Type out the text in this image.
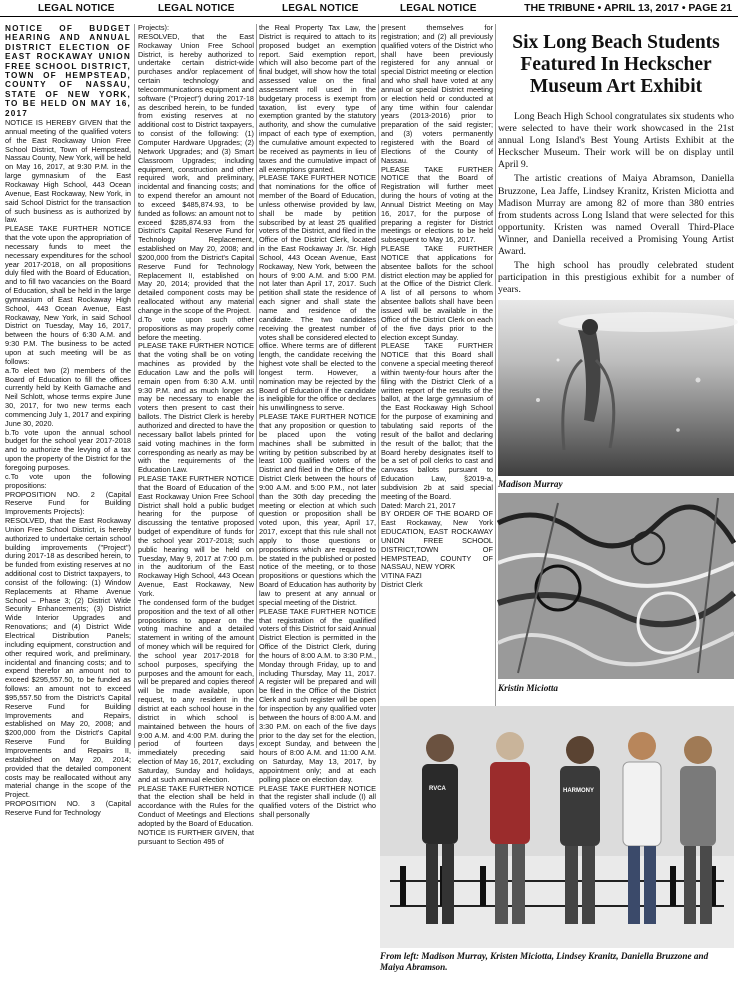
LEGAL NOTICE	LEGAL NOTICE	LEGAL NOTICE	LEGAL NOTICE	THE TRIBUNE • APRIL 13, 2017 • PAGE 21

NOTICE OF BUDGET HEARING AND ANNUAL DISTRICT ELECTION OF EAST ROCKAWAY UNION FREE SCHOOL DISTRICT, TOWN OF HEMPSTEAD, COUNTY OF NASSAU, STATE OF NEW YORK, TO BE HELD ON MAY 16, 2017

NOTICE IS HEREBY GIVEN that the annual meeting of the qualified voters of the East Rockaway Union Free School District, Town of Hempstead, Nassau County, New York, will be held on May 16, 2017, at 9:30 P.M. in the large gymnasium of the East Rockaway High School, 443 Ocean Avenue, East Rockaway, New York, in said School District for the transaction of such business as is authorized by law.

PLEASE TAKE FURTHER NOTICE that the vote upon the appropriation of necessary funds to meet the necessary expenditures for the school year 2017-2018, on all propositions duly filed with the Board of Education, and to fill two vacancies on the Board of Education, shall be held in the large gymnasium of East Rockaway High School, 443 Ocean Avenue, East Rockaway, New York, in said School District on Tuesday, May 16, 2017, between the hours of 6:30 A.M. and 9:30 P.M. The business to be acted upon at such meeting will be as follows:

a.To elect two (2) members of the Board of Education to fill the offices currently held by Keith Gamache and Neil Schlott, whose terms expire June 30, 2017, for two new terms each commencing July 1, 2017 and expiring June 30, 2020.

b.To vote upon the annual school budget for the school year 2017-2018 and to authorize the levying of a tax upon the property of the District for the foregoing purposes.

c.To vote upon the following propositions:

PROPOSITION NO. 2 (Capital Reserve Fund for Building Improvements Projects):

RESOLVED, that the East Rockaway Union Free School District, is hereby authorized to undertake certain school building improvements ("Project") during 2017-18 as described herein, to be funded from existing reserves at no additional cost to District taxpayers, to consist of the following: (1) Window Replacements at Rhame Avenue School – Phase 3; (2) District Wide Security Enhancements; (3) District Wide Interior Upgrades and Renovations; and (4) District Wide Electrical Distribution Panels; including equipment, construction and other required work, and preliminary, incidental and financing costs; and to expend therefor an amount not to exceed $295,557.50, to be funded as follows: an amount not to exceed $95,557.50 from the District's Capital Reserve Fund for Building Improvements and Repairs, established on May 20, 2008; and $200,000 from the District's Capital Reserve Fund for Building Improvements and Repairs II, established on May 20, 2014; provided that the detailed component costs may be reallocated without any material change in the scope of the Project.

PROPOSITION NO. 3 (Capital Reserve Fund for Technology

Projects):

RESOLVED, that the East Rockaway Union Free School District, is hereby authorized to undertake certain district-wide purchases and/or replacement of certain technology and telecommunications equipment and software ("Project") during 2017-18 as described herein, to be funded from existing reserves at no additional cost to District taxpayers, to consist of the following: (1) Computer Hardware Upgrades; (2) Network Upgrades; and (3) Smart Classroom Upgrades; including equipment, construction and other required work, and preliminary, incidental and financing costs; and to expend therefor an amount not to exceed $485,874.93, to be funded as follows: an amount not to exceed $285,874.93 from the District's Capital Reserve Fund for Technology Replacement, established on May 20, 2008; and $200,000 from the District's Capital Reserve Fund for Technology Replacement II, established on May 20, 2014; provided that the detailed component costs may be reallocated without any material change in the scope of the Project.

d.To vote upon such other propositions as may properly come before the meeting.

PLEASE TAKE FURTHER NOTICE that the voting shall be on voting machines as provided by the Education Law and the polls will remain open from 6:30 A.M. until 9:30 P.M. and as much longer as may be necessary to enable the voters then present to cast their ballots. The District Clerk is hereby authorized and directed to have the necessary ballot labels printed for said voting machines in the form corresponding as nearly as may be with the requirements of the Education Law.

PLEASE TAKE FURTHER NOTICE that the Board of Education of the East Rockaway Union Free School District shall hold a public budget hearing for the purpose of discussing the tentative proposed budget of expenditure of funds for the school year 2017-2018; such public hearing will be held on Tuesday, May 9, 2017 at 7:00 p.m. in the auditorium of the East Rockaway High School, 443 Ocean Avenue, East Rockaway, New York.

The condensed form of the budget proposition and the text of all other propositions to appear on the voting machine and a detailed statement in writing of the amount of money which will be required for the school year 2017-2018 for school purposes, specifying the purposes and the amount for each, will be prepared and copies thereof will be made available, upon request, to any resident in the district at each school house in the district in which school is maintained between the hours of 9:00 A.M. and 4:00 P.M. during the period of fourteen days immediately preceding said election of May 16, 2017, excluding Saturday, Sunday and holidays, and at such annual election.

PLEASE TAKE FURTHER NOTICE that the election shall be held in accordance with the Rules for the Conduct of Meetings and Elections adopted by the Board of Education.

NOTICE IS FURTHER GIVEN, that pursuant to Section 495 of

the Real Property Tax Law, the District is required to attach to its proposed budget an exemption report. Said exemption report, which will also become part of the final budget, will show how the total assessed value on the final assessment roll used in the budgetary process is exempt from taxation, list every type of exemption granted by the statutory authority, and show the cumulative impact of each type of exemption, the cumulative amount expected to be received as payments in lieu of taxes and the cumulative impact of all exemptions granted.

PLEASE TAKE FURTHER NOTICE that nominations for the office of member of the Board of Education, unless otherwise provided by law, shall be made by petition subscribed by at least 25 qualified voters of the District, and filed in the Office of the District Clerk, located in the East Rockaway Jr. /Sr. High School, 443 Ocean Avenue, East Rockaway, New York, between the hours of 9:00 A.M. and 5:00 P.M. not later than April 17, 2017. Such petition shall state the residence of each signer and shall state the name and residence of the candidate. The two candidates receiving the greatest number of votes shall be considered elected to office. Where terms are of different length, the candidate receiving the highest vote shall be elected to the longest term. However, a nomination may be rejected by the Board of Education if the candidate is ineligible for the office or declares his unwillingness to serve.

PLEASE TAKE FURTHER NOTICE that any proposition or question to be placed upon the voting machines shall be submitted in writing by petition subscribed by at least 100 qualified voters of the District and filed in the Office of the District Clerk between the hours of 9:00 A.M. and 5:00 P.M., not later than the 30th day preceding the meeting or election at which such question or proposition shall be voted upon, this year, April 17, 2017, except that this rule shall not apply to those questions or propositions which are required to be stated in the published or posted notice of the meeting, or to those propositions or questions which the Board of Education has authority by law to present at any annual or special meeting of the District.

PLEASE TAKE FURTHER NOTICE that registration of the qualified voters of this District for said Annual District Election is permitted in the Office of the District Clerk, during the hours of 8:00 A.M. to 3:30 P.M., Monday through Friday, up to and including Thursday, May 11, 2017. A register will be prepared and will be filed in the Office of the District Clerk and such register will be open for inspection by any qualified voter between the hours of 8:00 A.M. and 3:30 P.M. on each of the five days prior to the day set for the election, except Sunday, and between the hours of 8:00 A.M. and 11:00 A.M. on Saturday, May 13, 2017, by appointment only; and at each polling place on election day.

PLEASE TAKE FURTHER NOTICE that the register shall include (I) all qualified voters of the District who shall personally

present themselves for registration; and (2) all previously qualified voters of the District who shall have been previously registered for any annual or special District meeting or election and who shall have voted at any annual or special District meeting or election held or conducted at any time within four calendar years (2013-2016) prior to preparation of the said register; and (3) voters permanently registered with the Board of Elections of the County of Nassau.

PLEASE TAKE FURTHER NOTICE that the Board of Registration will further meet during the hours of voting at the Annual District Meeting on May 16, 2017, for the purpose of preparing a register for District meetings or elections to be held subsequent to May 16, 2017.

PLEASE TAKE FURTHER NOTICE that applications for absentee ballots for the school district election may be applied for at the Office of the District Clerk. A list of all persons to whom absentee ballots shall have been issued will be available in the Office of the District Clerk on each of the five days prior to the election except Sunday.

PLEASE TAKE FURTHER NOTICE that this Board shall convene a special meeting thereof within twenty-four hours after the filing with the District Clerk of a written report of the results of the ballot, at the large gymnasium of the East Rockaway High School for the purpose of examining and tabulating said reports of the result of the ballot and declaring the result of the ballot; that the Board hereby designates itself to be a set of poll clerks to cast and canvass ballots pursuant to Education Law, §2019-a, subdivision 2b at said special meeting of the Board.

Dated: March 21, 2017

BY ORDER OF THE BOARD OF East Rockaway, New York EDUCATION, EAST ROCKAWAY UNION FREE SCHOOL DISTRICT,TOWN OF HEMPSTEAD, COUNTY OF NASSAU, NEW YORK

VITINA FAZI

District Clerk

Six Long Beach Students Featured In Heckscher Museum Art Exhibit

Long Beach High School congratulates six students who were selected to have their work showcased in the 21st annual Long Island's Best Young Artists Exhibit at the Heckscher Museum. Their work will be on display until April 9.

The artistic creations of Maiya Abramson, Daniella Bruzzone, Lea Jaffe, Lindsey Kranitz, Kristen Miciotta and Madison Murray are among 82 of more than 380 entries from students across Long Island that were selected for this opportunity. Kristen was named Overall Third-Place Winner, and Daniella received a Promising Young Artist Award.

The high school has proudly celebrated student participation in this prestigious exhibit for a number of years.

Madison Murray
Kristin Miciotta
RVCA	HARMONY
From left: Madison Murray, Kristen Miciotta, Lindsey Kranitz, Daniella Bruzzone and Maiya Abramson.
